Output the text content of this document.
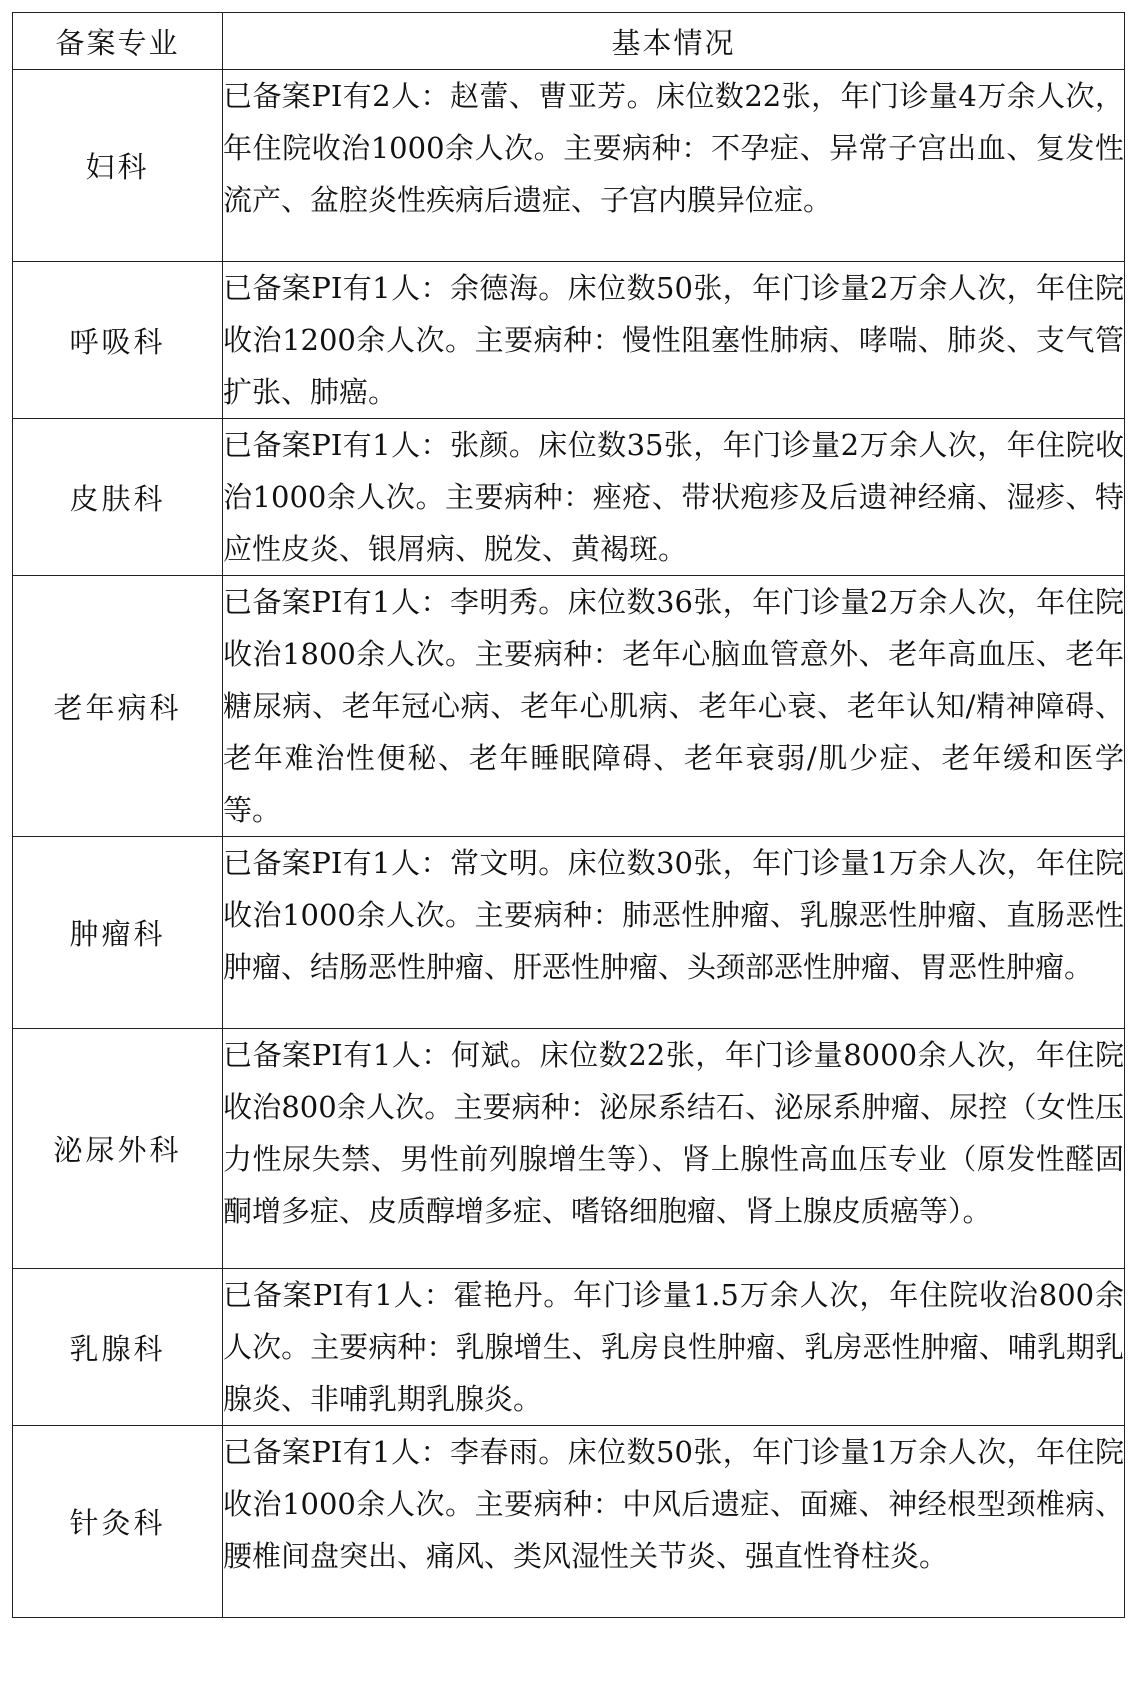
备案专业	基本情况
妇科	已备案PI有2人：赵蕾、曹亚芳。床位数22张，年门诊量4万余人次，年住院收治1000余人次。主要病种：不孕症、异常子宫出血、复发性流产、盆腔炎性疾病后遗症、子宫内膜异位症。
呼吸科	已备案PI有1人：余德海。床位数50张，年门诊量2万余人次，年住院收治1200余人次。主要病种：慢性阻塞性肺病、哮喘、肺炎、支气管扩张、肺癌。
皮肤科	已备案PI有1人：张颜。床位数35张，年门诊量2万余人次，年住院收治1000余人次。主要病种：痤疮、带状疱疹及后遗神经痛、湿疹、特应性皮炎、银屑病、脱发、黄褐斑。
老年病科	已备案PI有1人：李明秀。床位数36张，年门诊量2万余人次，年住院收治1800余人次。主要病种：老年心脑血管意外、老年高血压、老年糖尿病、老年冠心病、老年心肌病、老年心衰、老年认知/精神障碍、老年难治性便秘、老年睡眠障碍、老年衰弱/肌少症、老年缓和医学等。
肿瘤科	已备案PI有1人：常文明。床位数30张，年门诊量1万余人次，年住院收治1000余人次。主要病种：肺恶性肿瘤、乳腺恶性肿瘤、直肠恶性肿瘤、结肠恶性肿瘤、肝恶性肿瘤、头颈部恶性肿瘤、胃恶性肿瘤。
泌尿外科	已备案PI有1人：何斌。床位数22张，年门诊量8000余人次，年住院收治800余人次。主要病种：泌尿系结石、泌尿系肿瘤、尿控（女性压力性尿失禁、男性前列腺增生等）、肾上腺性高血压专业（原发性醛固酮增多症、皮质醇增多症、嗜铬细胞瘤、肾上腺皮质癌等）。
乳腺科	已备案PI有1人：霍艳丹。年门诊量1.5万余人次，年住院收治800余人次。主要病种：乳腺增生、乳房良性肿瘤、乳房恶性肿瘤、哺乳期乳腺炎、非哺乳期乳腺炎。
针灸科	已备案PI有1人：李春雨。床位数50张，年门诊量1万余人次，年住院收治1000余人次。主要病种：中风后遗症、面瘫、神经根型颈椎病、腰椎间盘突出、痛风、类风湿性关节炎、强直性脊柱炎。
